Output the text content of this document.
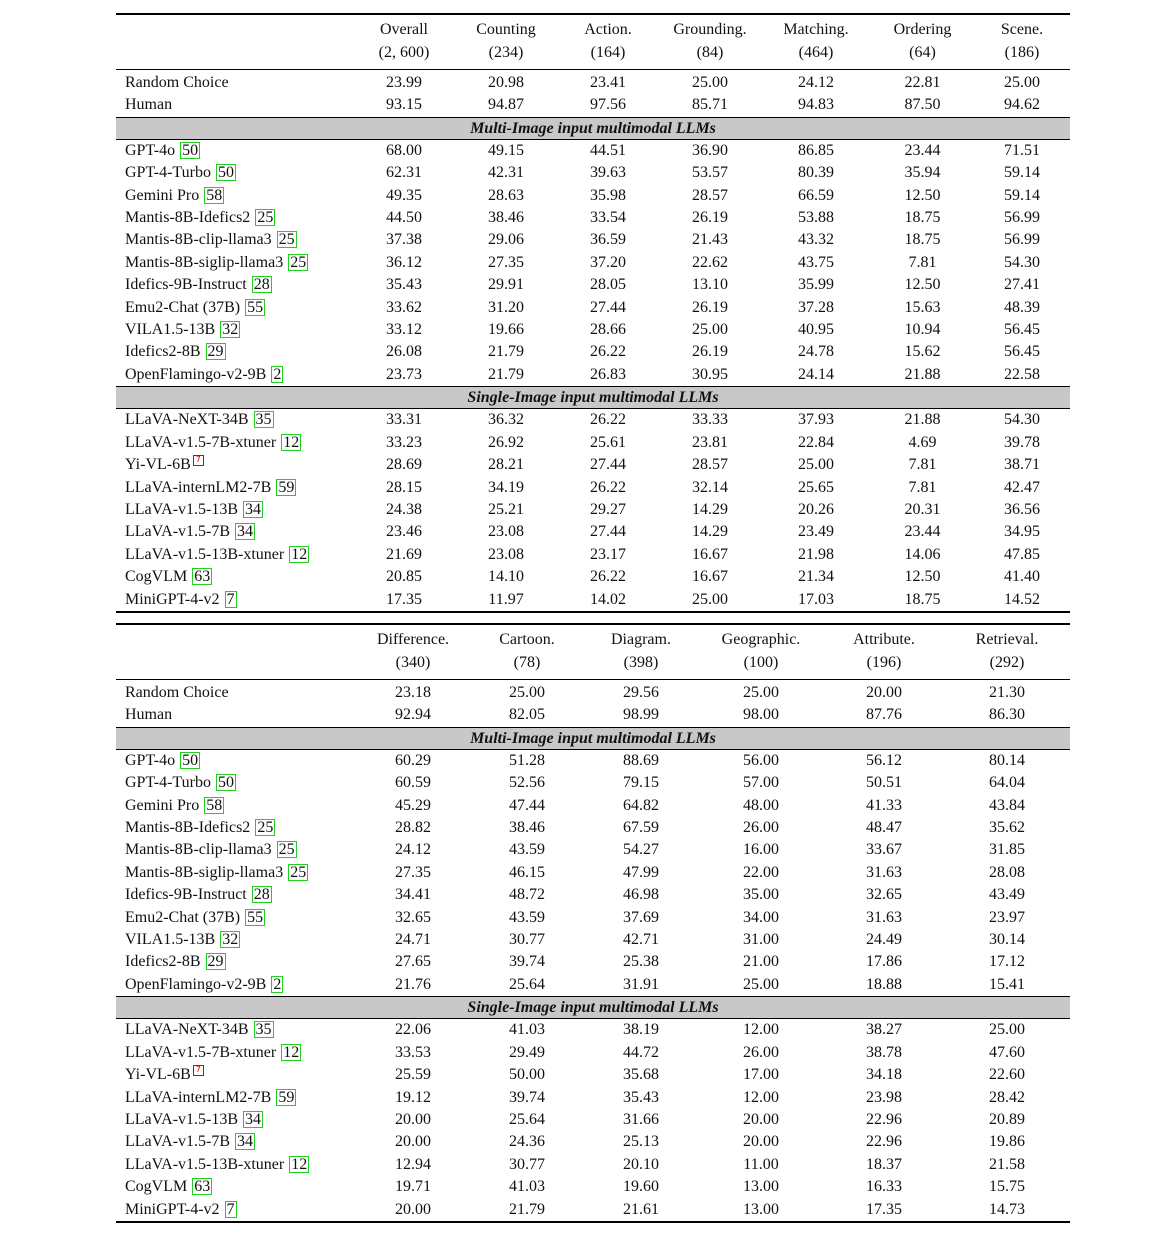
	Overall	Counting	Action.	Grounding.	Matching.	Ordering	Scene.
	(2, 600)	(234)	(164)	(84)	(464)	(64)	(186)
Random Choice	23.99	20.98	23.41	25.00	24.12	22.81	25.00
Human	93.15	94.87	97.56	85.71	94.83	87.50	94.62
Multi-Image input multimodal LLMs							
GPT-4o 50	68.00	49.15	44.51	36.90	86.85	23.44	71.51
GPT-4-Turbo 50	62.31	42.31	39.63	53.57	80.39	35.94	59.14
Gemini Pro 58	49.35	28.63	35.98	28.57	66.59	12.50	59.14
Mantis-8B-Idefics2 25	44.50	38.46	33.54	26.19	53.88	18.75	56.99
Mantis-8B-clip-llama3 25	37.38	29.06	36.59	21.43	43.32	18.75	56.99
Mantis-8B-siglip-llama3 25	36.12	27.35	37.20	22.62	43.75	7.81	54.30
Idefics-9B-Instruct 28	35.43	29.91	28.05	13.10	35.99	12.50	27.41
Emu2-Chat (37B) 55	33.62	31.20	27.44	26.19	37.28	15.63	48.39
VILA1.5-13B 32	33.12	19.66	28.66	25.00	40.95	10.94	56.45
Idefics2-8B 29	26.08	21.79	26.22	26.19	24.78	15.62	56.45
OpenFlamingo-v2-9B 2	23.73	21.79	26.83	30.95	24.14	21.88	22.58
Single-Image input multimodal LLMs							
LLaVA-NeXT-34B 35	33.31	36.32	26.22	33.33	37.93	21.88	54.30
LLaVA-v1.5-7B-xtuner 12	33.23	26.92	25.61	23.81	22.84	4.69	39.78
Yi-VL-6B 7	28.69	28.21	27.44	28.57	25.00	7.81	38.71
LLaVA-internLM2-7B 59	28.15	34.19	26.22	32.14	25.65	7.81	42.47
LLaVA-v1.5-13B 34	24.38	25.21	29.27	14.29	20.26	20.31	36.56
LLaVA-v1.5-7B 34	23.46	23.08	27.44	14.29	23.49	23.44	34.95
LLaVA-v1.5-13B-xtuner 12	21.69	23.08	23.17	16.67	21.98	14.06	47.85
CogVLM 63	20.85	14.10	26.22	16.67	21.34	12.50	41.40
MiniGPT-4-v2 7	17.35	11.97	14.02	25.00	17.03	18.75	14.52
	Difference.	Cartoon.	Diagram.	Geographic.	Attribute.	Retrieval.
	(340)	(78)	(398)	(100)	(196)	(292)
Random Choice	23.18	25.00	29.56	25.00	20.00	21.30
Human	92.94	82.05	98.99	98.00	87.76	86.30
Multi-Image input multimodal LLMs						
GPT-4o 50	60.29	51.28	88.69	56.00	56.12	80.14
GPT-4-Turbo 50	60.59	52.56	79.15	57.00	50.51	64.04
Gemini Pro 58	45.29	47.44	64.82	48.00	41.33	43.84
Mantis-8B-Idefics2 25	28.82	38.46	67.59	26.00	48.47	35.62
Mantis-8B-clip-llama3 25	24.12	43.59	54.27	16.00	33.67	31.85
Mantis-8B-siglip-llama3 25	27.35	46.15	47.99	22.00	31.63	28.08
Idefics-9B-Instruct 28	34.41	48.72	46.98	35.00	32.65	43.49
Emu2-Chat (37B) 55	32.65	43.59	37.69	34.00	31.63	23.97
VILA1.5-13B 32	24.71	30.77	42.71	31.00	24.49	30.14
Idefics2-8B 29	27.65	39.74	25.38	21.00	17.86	17.12
OpenFlamingo-v2-9B 2	21.76	25.64	31.91	25.00	18.88	15.41
Single-Image input multimodal LLMs						
LLaVA-NeXT-34B 35	22.06	41.03	38.19	12.00	38.27	25.00
LLaVA-v1.5-7B-xtuner 12	33.53	29.49	44.72	26.00	38.78	47.60
Yi-VL-6B 7	25.59	50.00	35.68	17.00	34.18	22.60
LLaVA-internLM2-7B 59	19.12	39.74	35.43	12.00	23.98	28.42
LLaVA-v1.5-13B 34	20.00	25.64	31.66	20.00	22.96	20.89
LLaVA-v1.5-7B 34	20.00	24.36	25.13	20.00	22.96	19.86
LLaVA-v1.5-13B-xtuner 12	12.94	30.77	20.10	11.00	18.37	21.58
CogVLM 63	19.71	41.03	19.60	13.00	16.33	15.75
MiniGPT-4-v2 7	20.00	21.79	21.61	13.00	17.35	14.73
